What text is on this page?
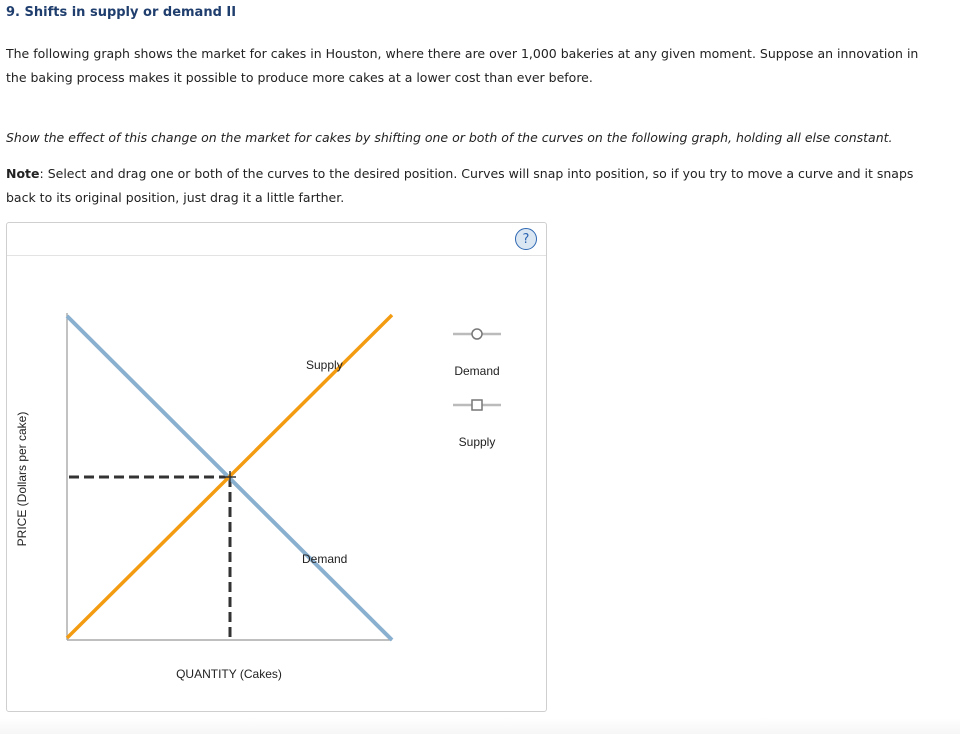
9. Shifts in supply or demand II

The following graph shows the market for cakes in Houston, where there are over 1,000 bakeries at any given moment. Suppose an innovation in the baking process makes it possible to produce more cakes at a lower cost than ever before.

Show the effect of this change on the market for cakes by shifting one or both of the curves on the following graph, holding all else constant.

Note: Select and drag one or both of the curves to the desired position. Curves will snap into position, so if you try to move a curve and it snaps back to its original position, just drag it a little farther.

?
Supply
Demand
QUANTITY (Cakes)
PRICE (Dollars per cake)
Demand
Supply
